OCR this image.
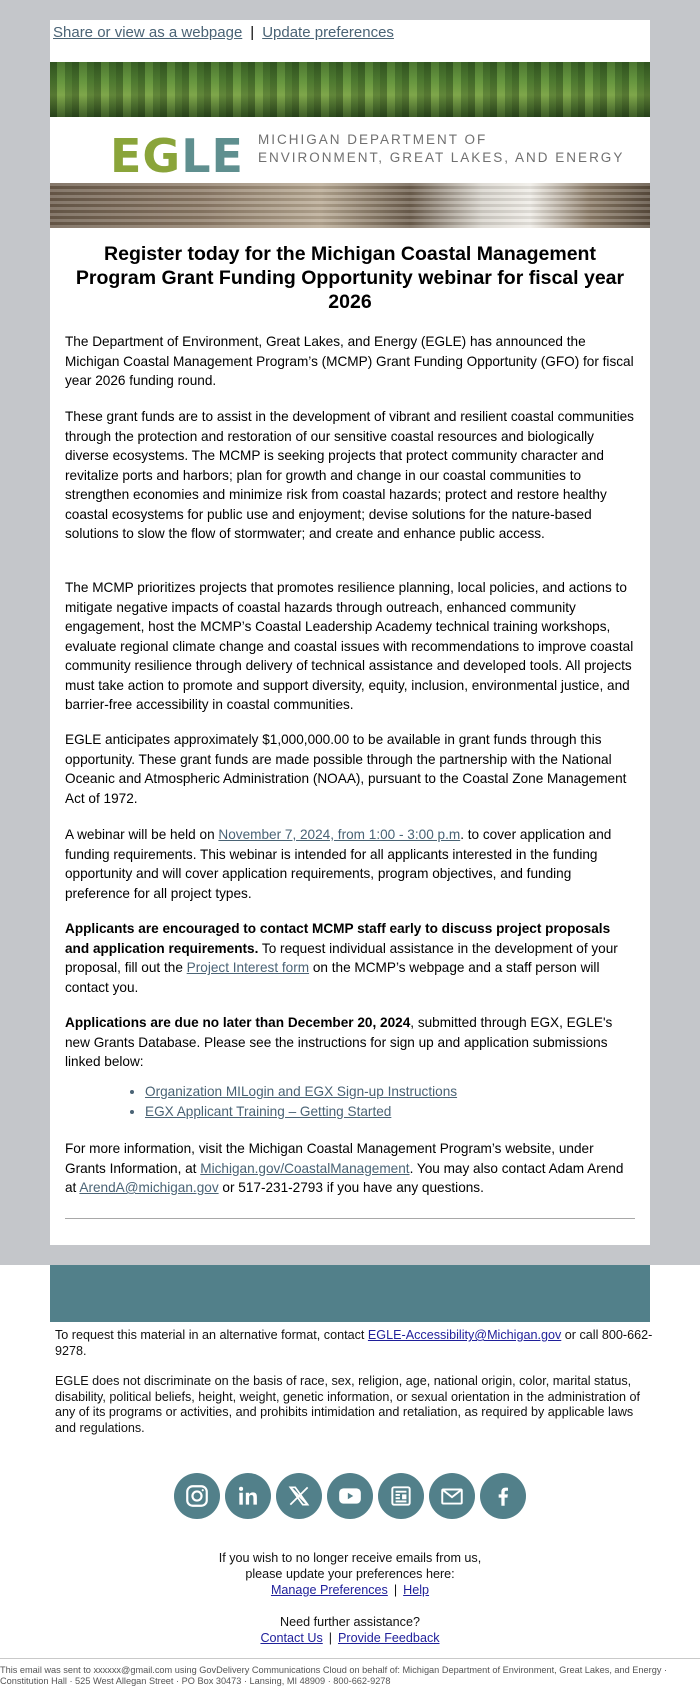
Share or view as a webpage | Update preferences
EGLE MICHIGAN DEPARTMENT OF
ENVIRONMENT, GREAT LAKES, AND ENERGY
Register today for the Michigan Coastal Management Program Grant Funding Opportunity webinar for fiscal year 2026
The Department of Environment, Great Lakes, and Energy (EGLE) has announced the Michigan Coastal Management Program’s (MCMP) Grant Funding Opportunity (GFO) for fiscal year 2026 funding round.
These grant funds are to assist in the development of vibrant and resilient coastal communities through the protection and restoration of our sensitive coastal resources and biologically diverse ecosystems. The MCMP is seeking projects that protect community character and revitalize ports and harbors; plan for growth and change in our coastal communities to strengthen economies and minimize risk from coastal hazards; protect and restore healthy coastal ecosystems for public use and enjoyment; devise solutions for the nature-based solutions to slow the flow of stormwater; and create and enhance public access.
The MCMP prioritizes projects that promotes resilience planning, local policies, and actions to mitigate negative impacts of coastal hazards through outreach, enhanced community engagement, host the MCMP’s Coastal Leadership Academy technical training workshops, evaluate regional climate change and coastal issues with recommendations to improve coastal community resilience through delivery of technical assistance and developed tools. All projects must take action to promote and support diversity, equity, inclusion, environmental justice, and barrier-free accessibility in coastal communities.
EGLE anticipates approximately $1,000,000.00 to be available in grant funds through this opportunity. These grant funds are made possible through the partnership with the National Oceanic and Atmospheric Administration (NOAA), pursuant to the Coastal Zone Management Act of 1972.
A webinar will be held on November 7, 2024, from 1:00 - 3:00 p.m. to cover application and funding requirements. This webinar is intended for all applicants interested in the funding opportunity and will cover application requirements, program objectives, and funding preference for all project types.
Applicants are encouraged to contact MCMP staff early to discuss project proposals and application requirements. To request individual assistance in the development of your proposal, fill out the Project Interest form on the MCMP’s webpage and a staff person will contact you.
Applications are due no later than December 20, 2024, submitted through EGX, EGLE's new Grants Database. Please see the instructions for sign up and application submissions linked below:
• Organization MILogin and EGX Sign-up Instructions
• EGX Applicant Training – Getting Started
For more information, visit the Michigan Coastal Management Program’s website, under Grants Information, at Michigan.gov/CoastalManagement. You may also contact Adam Arend at ArendA@michigan.gov or 517-231-2793 if you have any questions.
To request this material in an alternative format, contact EGLE-Accessibility@Michigan.gov or call 800-662-9278.
EGLE does not discriminate on the basis of race, sex, religion, age, national origin, color, marital status, disability, political beliefs, height, weight, genetic information, or sexual orientation in the administration of any of its programs or activities, and prohibits intimidation and retaliation, as required by applicable laws and regulations.
If you wish to no longer receive emails from us,
please update your preferences here:
Manage Preferences | Help
Need further assistance?
Contact Us | Provide Feedback
This email was sent to xxxxxx@gmail.com using GovDelivery Communications Cloud on behalf of: Michigan Department of Environment, Great Lakes, and Energy · Constitution Hall · 525 West Allegan Street · PO Box 30473 · Lansing, MI 48909 · 800-662-9278
